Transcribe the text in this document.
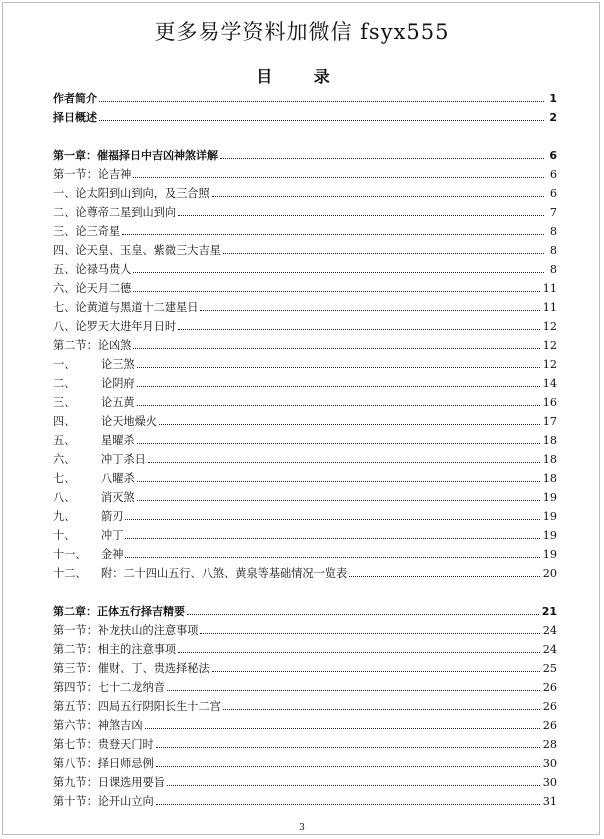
更多易学资料加微信 fsyx555
目 录
作者简介	1
择日概述	2
第一章：催福择日中吉凶神煞详解	6
第一节：论吉神	6
一、论太阳到山到向，及三合照	6
二、论尊帝二星到山到向	7
三、论三奇星	8
四、论天皇、玉皇、紫微三大吉星	8
五、论禄马贵人	8
六、论天月二德	11
七、论黄道与黑道十二建星日	11
八、论罗天大进年月日时	12
第二节：论凶煞	12
一、	论三煞	12
二、	论阴府	14
三、	论五黄	16
四、	论天地燥火	17
五、	星曜杀	18
六、	冲丁杀日	18
七、	八曜杀	18
八、	消灭煞	19
九、	箭刃	19
十、	冲丁	19
十一、	金神	19
十二、	附：二十四山五行、八煞、黄泉等基础情况一览表	20
第二章：正体五行择吉精要	21
第一节：补龙扶山的注意事项	24
第二节：相主的注意事项	24
第三节：催财、丁、贵选择秘法	25
第四节：七十二龙纳音	26
第五节：四局五行阴阳长生十二宫	26
第六节：神煞吉凶	26
第七节：贵登天门时	28
第八节：择日师忌例	30
第九节：日课选用要旨	30
第十节：论开山立向	31
3
